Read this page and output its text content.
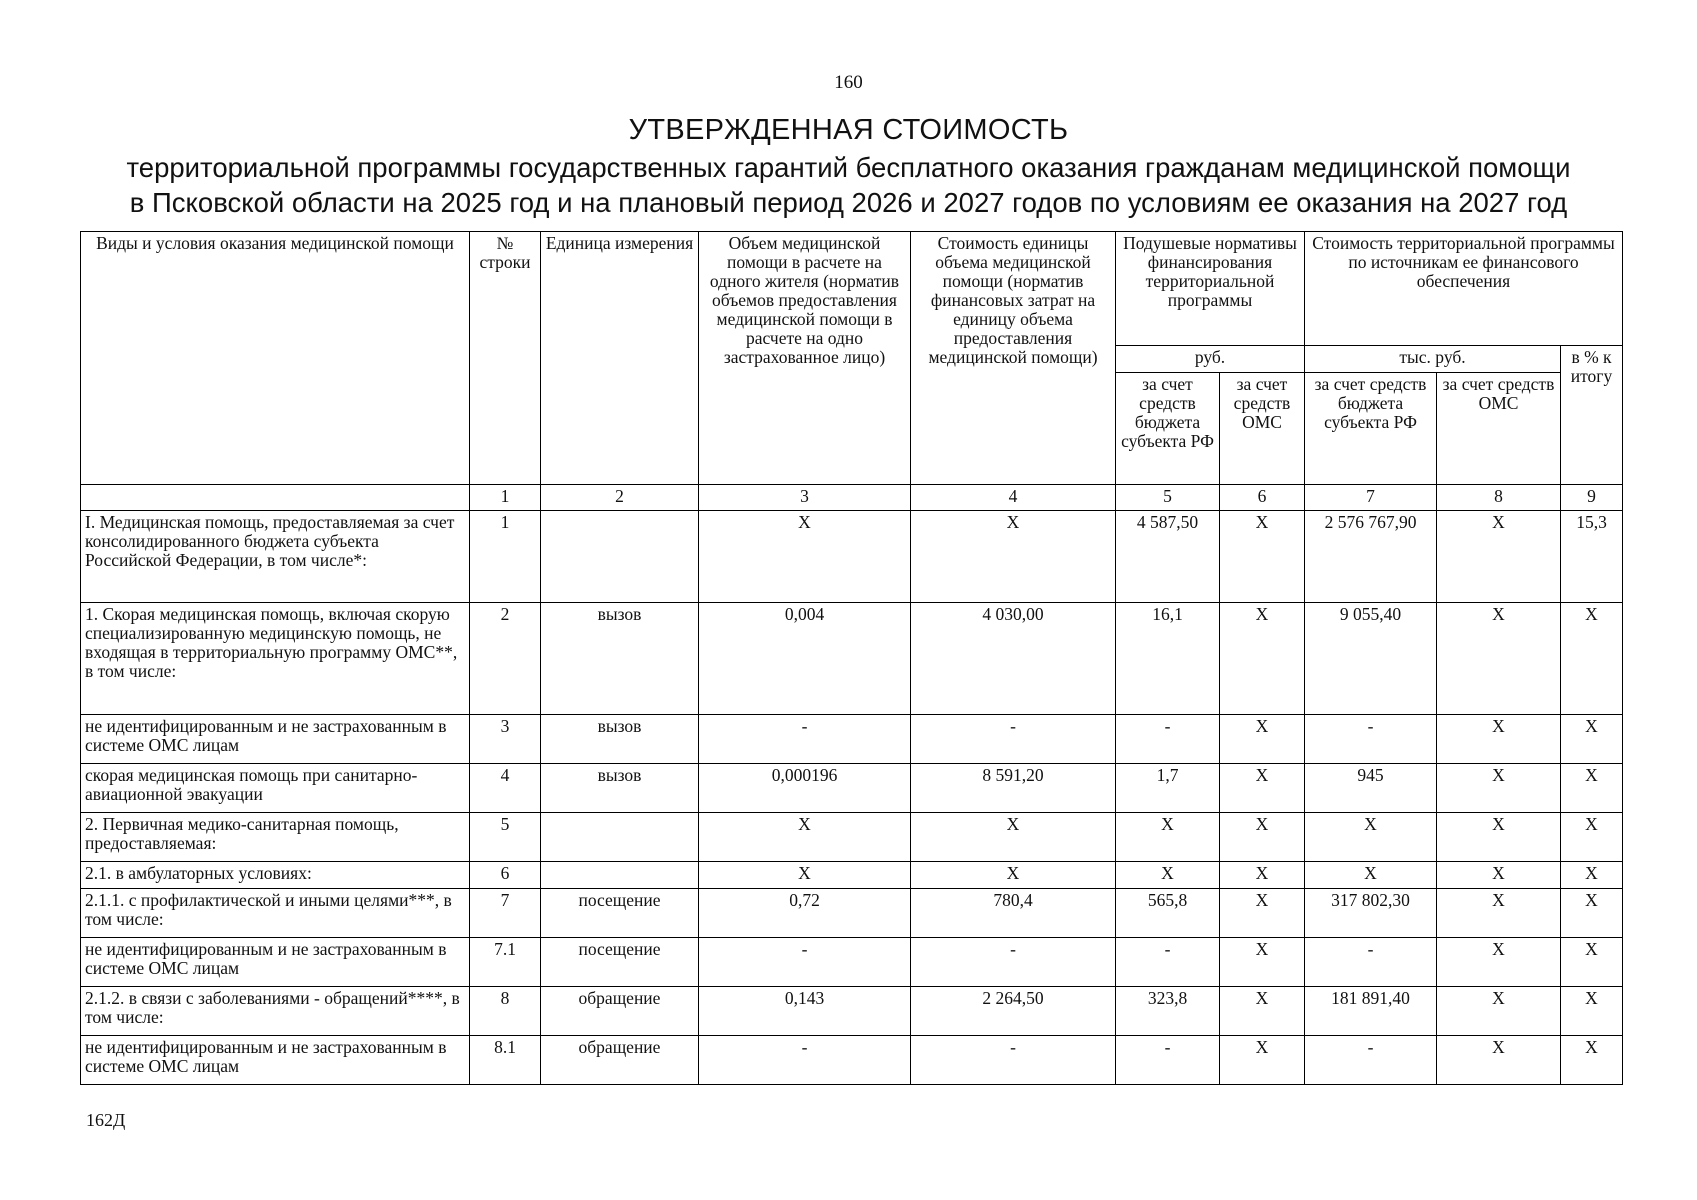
160
УТВЕРЖДЕННАЯ СТОИМОСТЬ
территориальной программы государственных гарантий бесплатного оказания гражданам медицинской помощи
в Псковской области на 2025 год и на плановый период 2026 и 2027 годов по условиям ее оказания на 2027 год
Виды и условия оказания медицинской помощи	№ строки	Единица измерения	Объем медицинской помощи в расчете на одного жителя (норматив объемов предоставления медицинской помощи в расчете на одно застрахованное лицо)	Стоимость единицы объема медицинской помощи (норматив финансовых затрат на единицу объема предоставления медицинской помощи)	Подушевые нормативы финансирования территориальной программы		Стоимость территориальной программы по источникам ее финансового обеспечения		
					руб.		тыс. руб.		в % к итогу
					за счет средств бюджета субъекта РФ	за счет средств ОМС	за счет средств бюджета субъекта РФ	за счет средств ОМС	
	1	2	3	4	5	6	7	8	9
I. Медицинская помощь, предоставляемая за счет консолидированного бюджета субъекта Российской Федерации, в том числе*:	1		X	X	4 587,50	X	2 576 767,90	X	15,3
1. Скорая медицинская помощь, включая скорую специализированную медицинскую помощь, не входящая в территориальную программу ОМС**, в том числе:	2	вызов	0,004	4 030,00	16,1	X	9 055,40	X	X
не идентифицированным и не застрахованным в системе ОМС лицам	3	вызов	-	-	-	X	-	X	X
скорая медицинская помощь при санитарно-авиационной эвакуации	4	вызов	0,000196	8 591,20	1,7	X	945	X	X
2. Первичная медико-санитарная помощь, предоставляемая:	5		X	X	X	X	X	X	X
2.1. в амбулаторных условиях:	6		X	X	X	X	X	X	X
2.1.1. с профилактической и иными целями***, в том числе:	7	посещение	0,72	780,4	565,8	X	317 802,30	X	X
не идентифицированным и не застрахованным в системе ОМС лицам	7.1	посещение	-	-	-	X	-	X	X
2.1.2. в связи с заболеваниями - обращений****, в том числе:	8	обращение	0,143	2 264,50	323,8	X	181 891,40	X	X
не идентифицированным и не застрахованным в системе ОМС лицам	8.1	обращение	-	-	-	X	-	X	X
162Д
